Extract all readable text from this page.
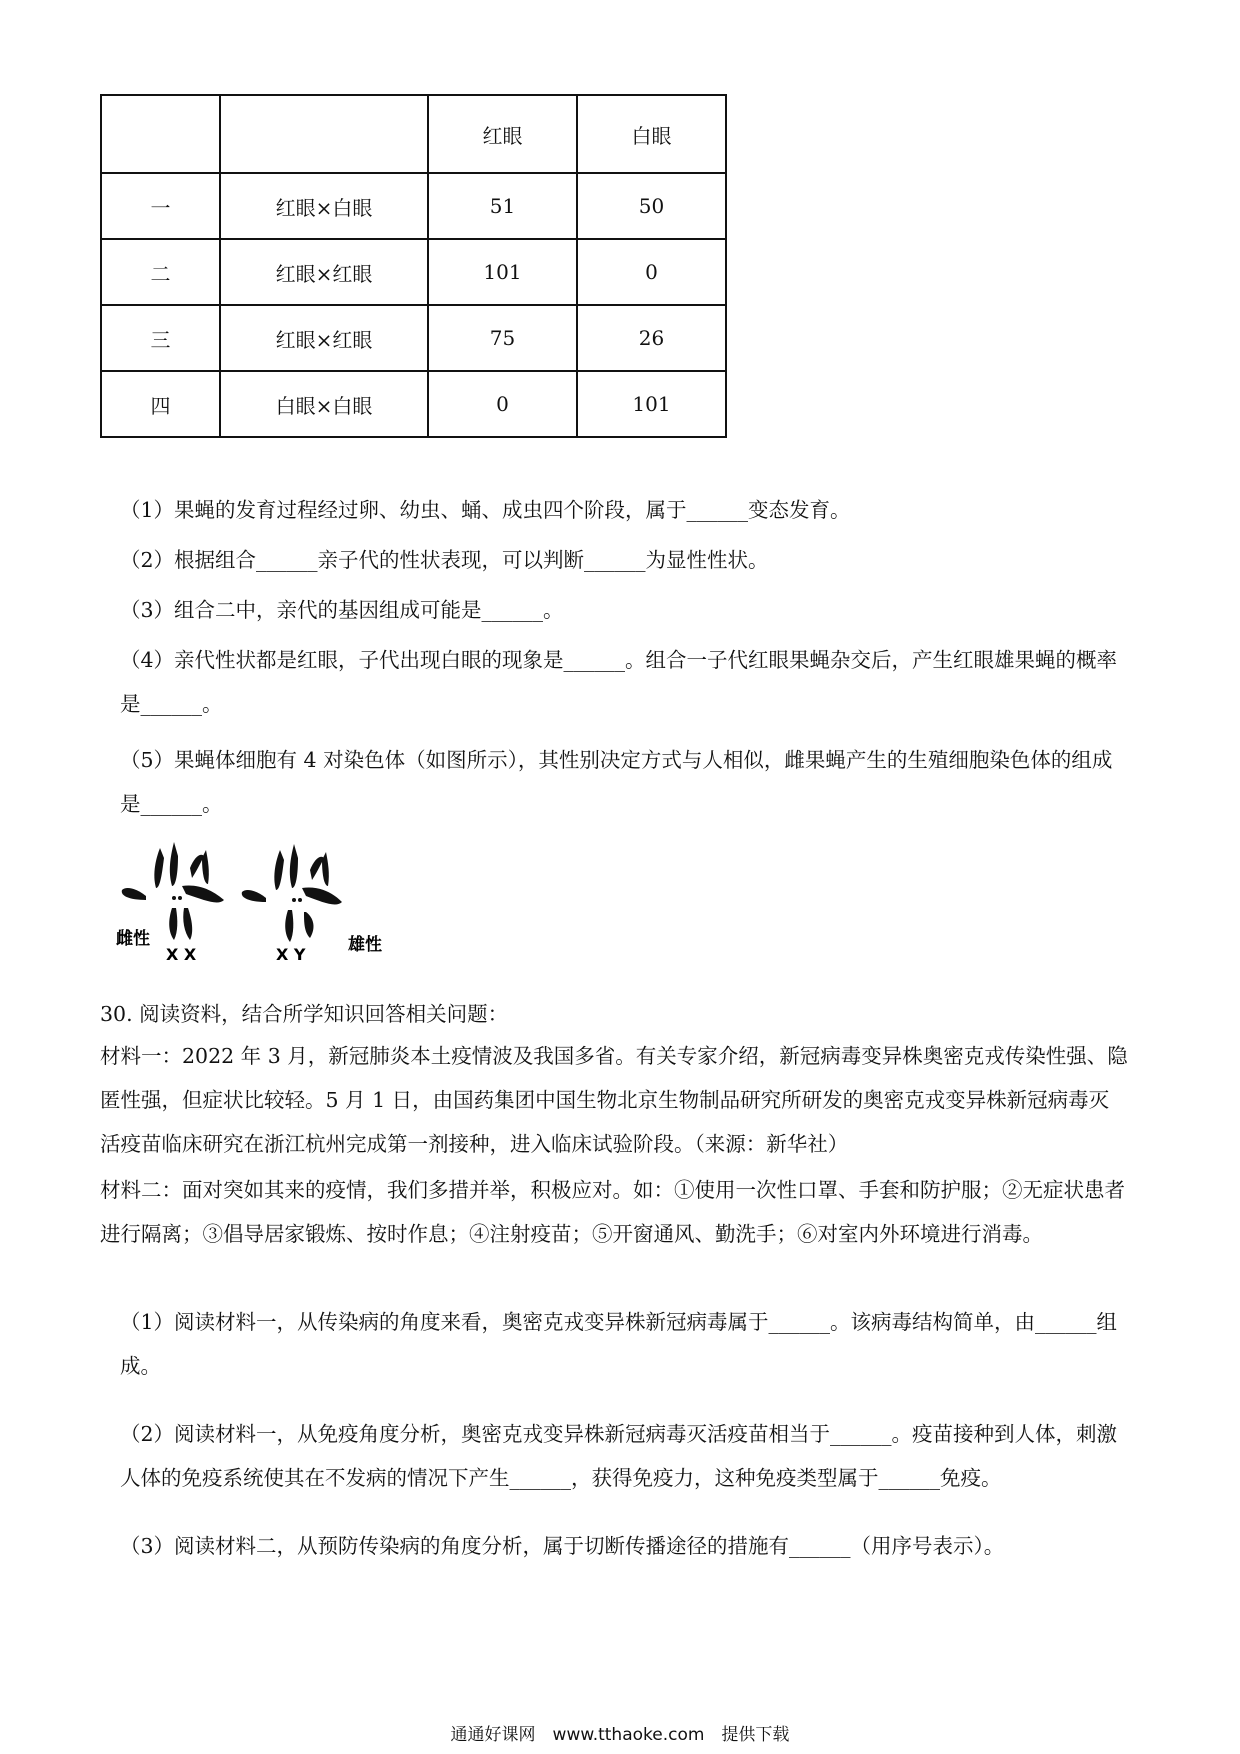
		红眼	白眼
一	红眼×白眼	51	50
二	红眼×红眼	101	0
三	红眼×红眼	75	26
四	白眼×白眼	0	101
（1）果蝇的发育过程经过卵、幼虫、蛹、成虫四个阶段，属于______变态发育。
（2）根据组合______亲子代的性状表现，可以判断______为显性性状。
（3）组合二中，亲代的基因组成可能是______。
（4）亲代性状都是红眼，子代出现白眼的现象是______。组合一子代红眼果蝇杂交后，产生红眼雄果蝇的概率是______。
（5）果蝇体细胞有 4 对染色体（如图所示），其性别决定方式与人相似，雌果蝇产生的生殖细胞染色体的组成是______。
雌性
X X	X Y	雄性
30. 阅读资料，结合所学知识回答相关问题：
材料一：2022 年 3 月，新冠肺炎本土疫情波及我国多省。有关专家介绍，新冠病毒变异株奥密克戎传染性强、隐匿性强，但症状比较轻。5 月 1 日，由国药集团中国生物北京生物制品研究所研发的奥密克戎变异株新冠病毒灭活疫苗临床研究在浙江杭州完成第一剂接种，进入临床试验阶段。（来源：新华社）
材料二：面对突如其来的疫情，我们多措并举，积极应对。如：①使用一次性口罩、手套和防护服；②无症状患者进行隔离；③倡导居家锻炼、按时作息；④注射疫苗；⑤开窗通风、勤洗手；⑥对室内外环境进行消毒。
（1）阅读材料一，从传染病的角度来看，奥密克戎变异株新冠病毒属于______。该病毒结构简单，由______组成。
（2）阅读材料一，从免疫角度分析，奥密克戎变异株新冠病毒灭活疫苗相当于______。疫苗接种到人体，刺激人体的免疫系统使其在不发病的情况下产生______，获得免疫力，这种免疫类型属于______免疫。
（3）阅读材料二，从预防传染病的角度分析，属于切断传播途径的措施有______（用序号表示）。
通通好课网　www.tthaoke.com　提供下载
